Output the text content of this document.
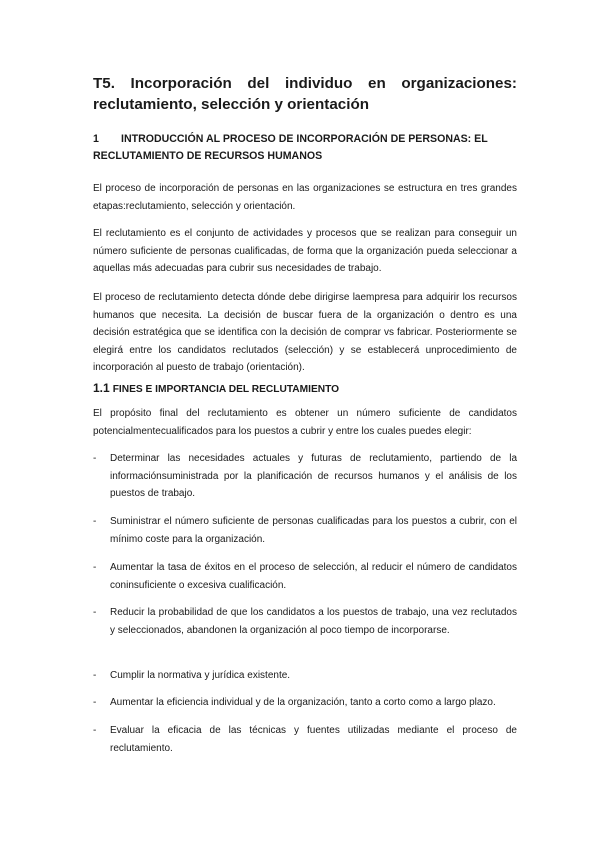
T5. Incorporación del individuo en organizaciones: reclutamiento, selección y orientación
1 INTRODUCCIÓN AL PROCESO DE INCORPORACIÓN DE PERSONAS: EL RECLUTAMIENTO DE RECURSOS HUMANOS

El proceso de incorporación de personas en las organizaciones se estructura en tres grandes etapas:reclutamiento, selección y orientación.

El reclutamiento es el conjunto de actividades y procesos que se realizan para conseguir un número suficiente de personas cualificadas, de forma que la organización pueda seleccionar a aquellas más adecuadas para cubrir sus necesidades de trabajo.

El proceso de reclutamiento detecta dónde debe dirigirse laempresa para adquirir los recursos humanos que necesita. La decisión de buscar fuera de la organización o dentro es una decisión estratégica que se identifica con la decisión de comprar vs fabricar. Posteriormente se elegirá entre los candidatos reclutados (selección) y se establecerá unprocedimiento de incorporación al puesto de trabajo (orientación).

1.1 FINES E IMPORTANCIA DEL RECLUTAMIENTO

El propósito final del reclutamiento es obtener un número suficiente de candidatos potencialmentecualificados para los puestos a cubrir y entre los cuales puedes elegir:

- Determinar las necesidades actuales y futuras de reclutamiento, partiendo de la informaciónsuministrada por la planificación de recursos humanos y el análisis de los puestos de trabajo.
- Suministrar el número suficiente de personas cualificadas para los puestos a cubrir, con el mínimo coste para la organización.
- Aumentar la tasa de éxitos en el proceso de selección, al reducir el número de candidatos coninsuficiente o excesiva cualificación.
- Reducir la probabilidad de que los candidatos a los puestos de trabajo, una vez reclutados y seleccionados, abandonen la organización al poco tiempo de incorporarse.
- Cumplir la normativa y jurídica existente.
- Aumentar la eficiencia individual y de la organización, tanto a corto como a largo plazo.
- Evaluar la eficacia de las técnicas y fuentes utilizadas mediante el proceso de reclutamiento.
